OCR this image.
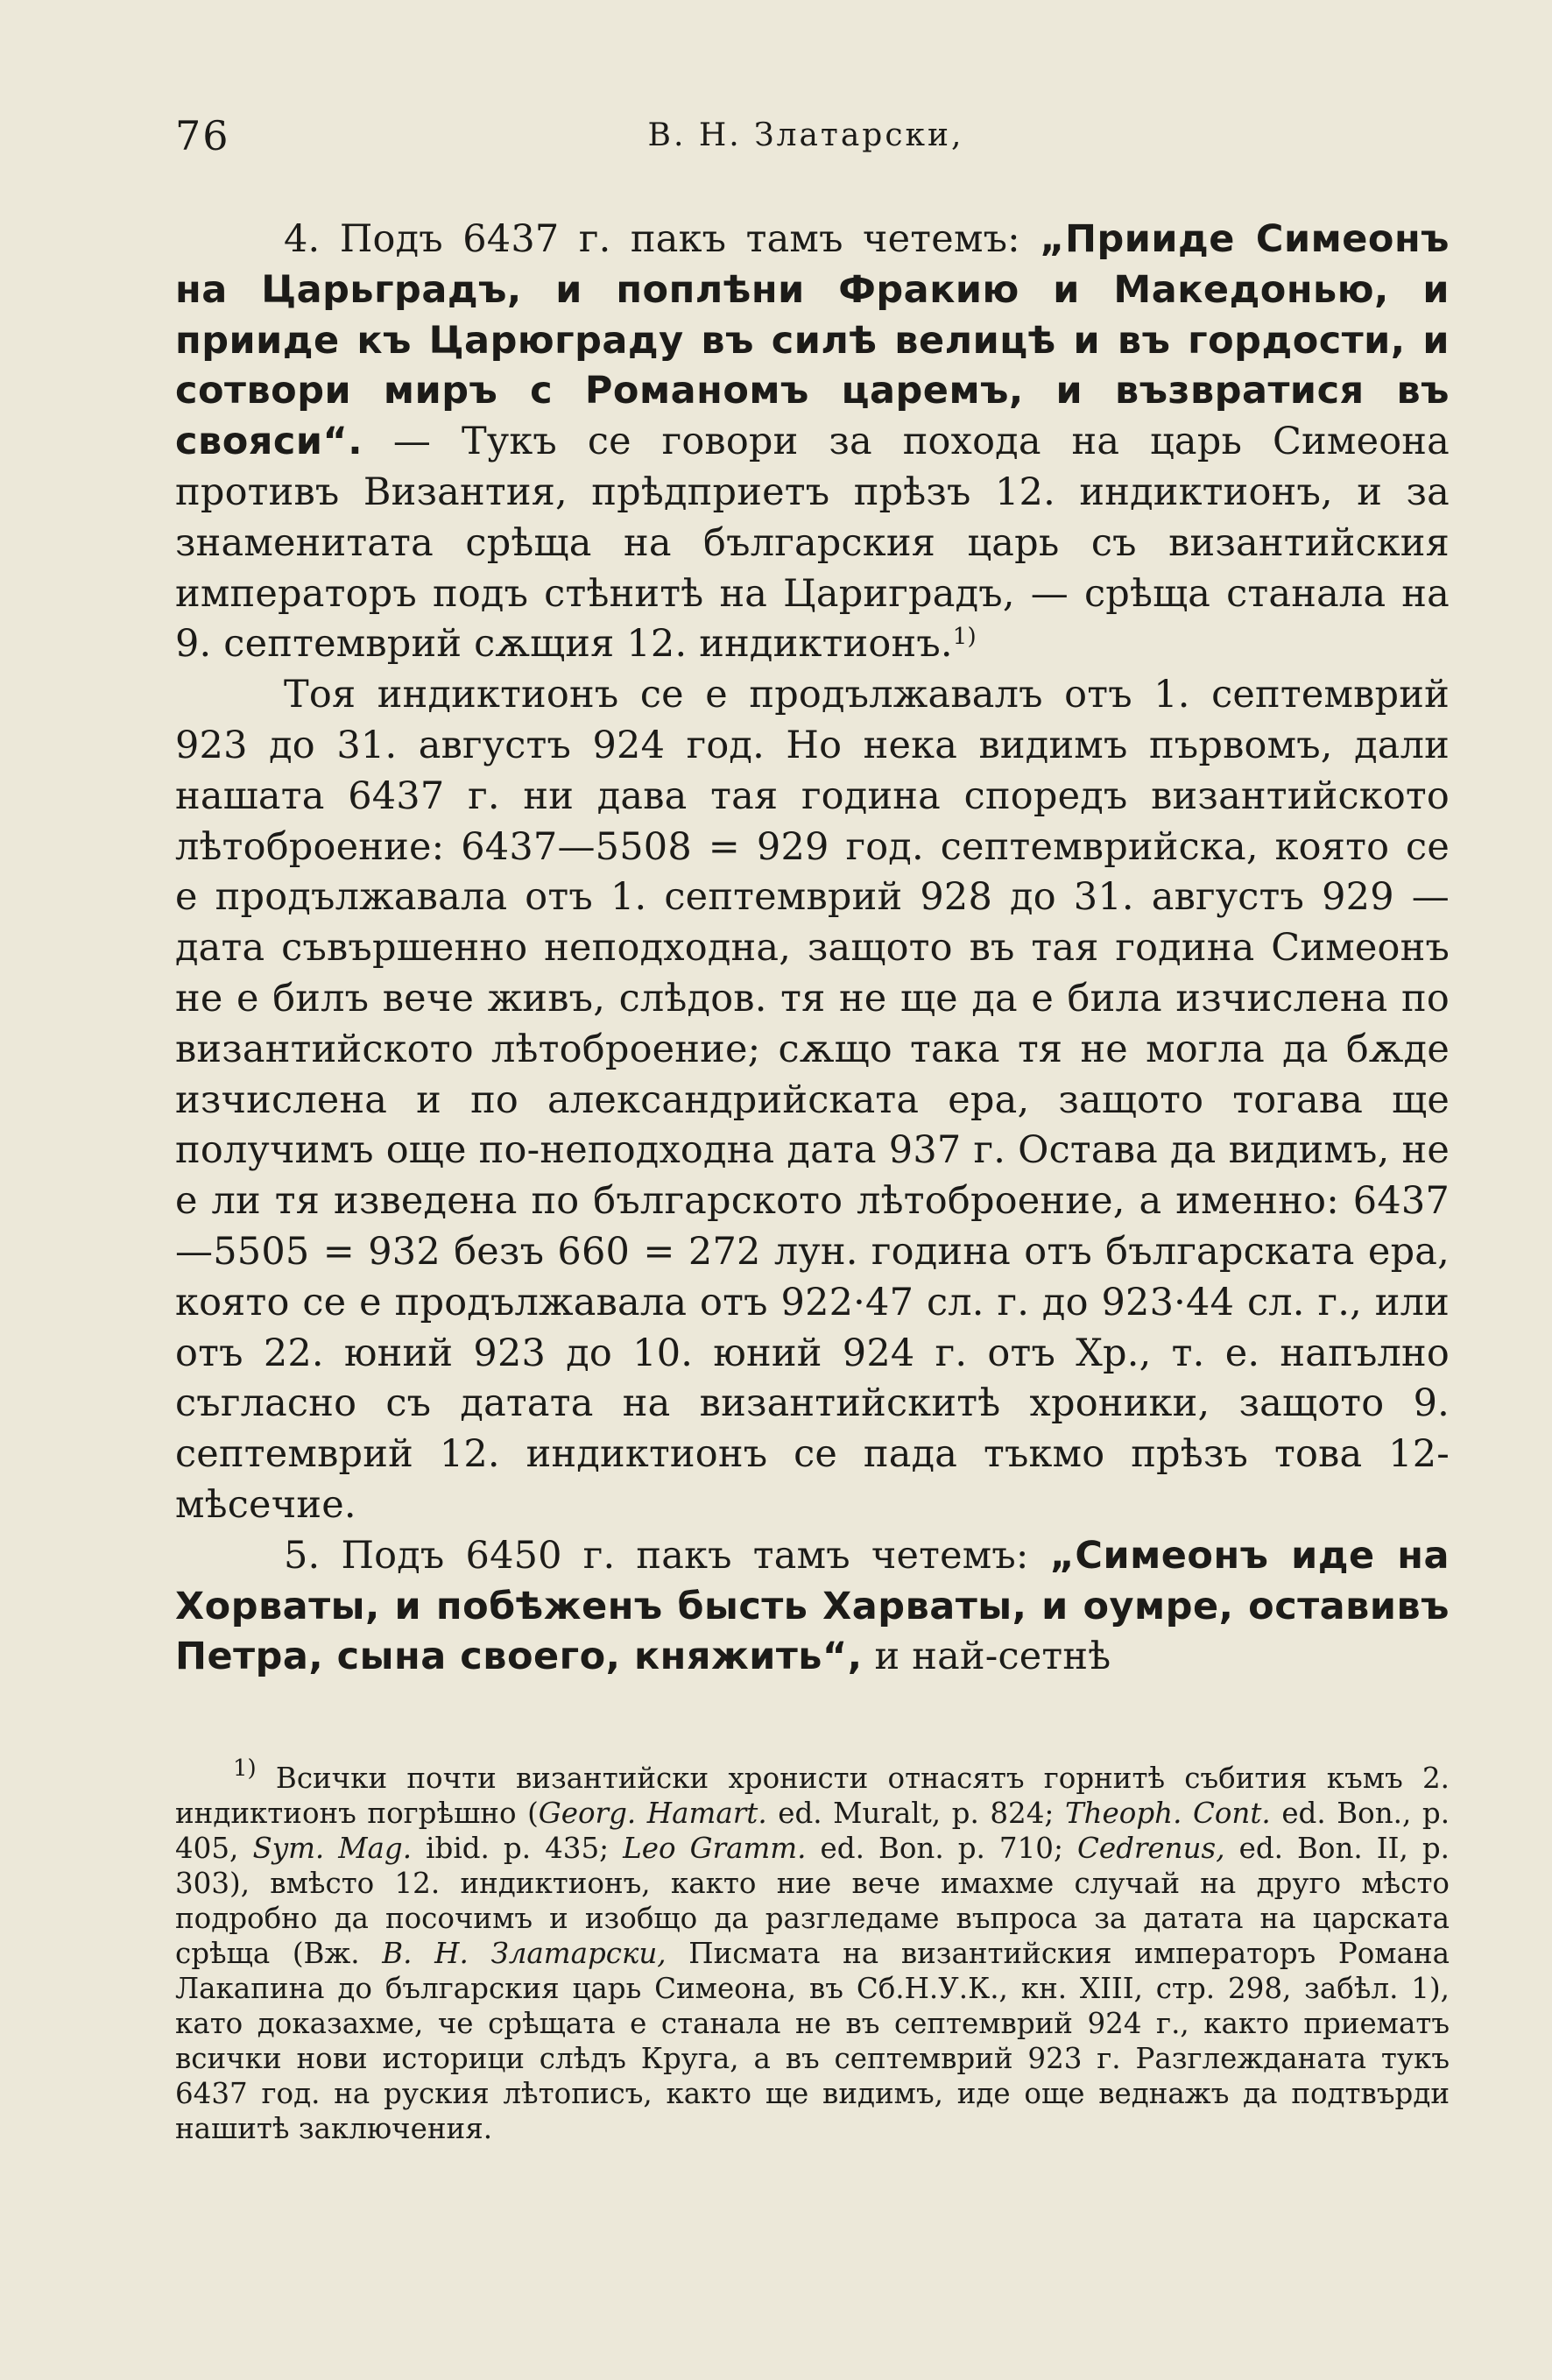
76	В. Н. Златарски,

4. Подъ 6437 г. пакъ тамъ четемъ: „Прииде Симеонъ на Царьградъ, и поплѣни Фракию и Македонью, и прииде къ Царюграду въ силѣ велицѣ и въ гордости, и сотвори миръ с Романомъ царемъ, и възвратися въ свояси“. — Тукъ се говори за похода на царь Симеона противъ Византия, прѣдприетъ прѣзъ 12. индиктионъ, и за знаменитата срѣща на българския царь съ византийския императоръ подъ стѣнитѣ на Цариградъ, — срѣща станала на 9. септемврий сѫщия 12. индиктионъ.$^{1)}$

Тоя индиктионъ се е продължавалъ отъ 1. септемврий 923 до 31. августъ 924 год. Но нека видимъ първомъ, дали нашата 6437 г. ни дава тая година споредъ византийското лѣтоброение: 6437—5508 = 929 год. септемврийска, която се е продължавала отъ 1. септемврий 928 до 31. августъ 929 — дата съвършенно неподходна, защото въ тая година Симеонъ не е билъ вече живъ, слѣдов. тя не ще да е била изчислена по византийското лѣтоброение; сѫщо така тя не могла да бѫде изчислена и по александрийската ера, защото тогава ще получимъ още по-неподходна дата 937 г. Остава да видимъ, не е ли тя изведена по българското лѣтоброение, а именно: 6437—5505 = 932 безъ 660 = 272 лун. година отъ българската ера, която се е продължавала отъ 922·47 сл. г. до 923·44 сл. г., или отъ 22. юний 923 до 10. юний 924 г. отъ Хр., т. е. напълно съгласно съ датата на византийскитѣ хроники, защото 9. септемврий 12. индиктионъ се пада тъкмо прѣзъ това 12-мѣсечие.

5. Подъ 6450 г. пакъ тамъ четемъ: „Симеонъ иде на Хорваты, и побѣженъ бысть Харваты, и оумре, оставивъ Петра, сына своего, княжить“, и най-сетнѣ

$^{1)}$ Всички почти византийски хронисти отнасятъ горнитѣ събития къмъ 2. индиктионъ погрѣшно (Georg. Hamart. ed. Muralt, p. 824; Theoph. Cont. ed. Bon., p. 405, Sym. Mag. ibid. p. 435; Leo Gramm. ed. Bon. p. 710; Cedrenus, ed. Bon. II, p. 303), вмѣсто 12. индиктионъ, както ние вече имахме случай на друго мѣсто подробно да посочимъ и изобщо да разгледаме въпроса за датата на царската срѣща (Вж. В. Н. Златарски, Писмата на византийския императоръ Романа Лакапина до българския царь Симеона, въ Сб.Н.У.К., кн. XIII, стр. 298, забѣл. 1), като доказахме, че срѣщата е станала не въ септемврий 924 г., както приематъ всички нови историци слѣдъ Круга, а въ септемврий 923 г. Разглежданата тукъ 6437 год. на руския лѣтописъ, както ще видимъ, иде още веднажъ да подтвърди нашитѣ заключения.
